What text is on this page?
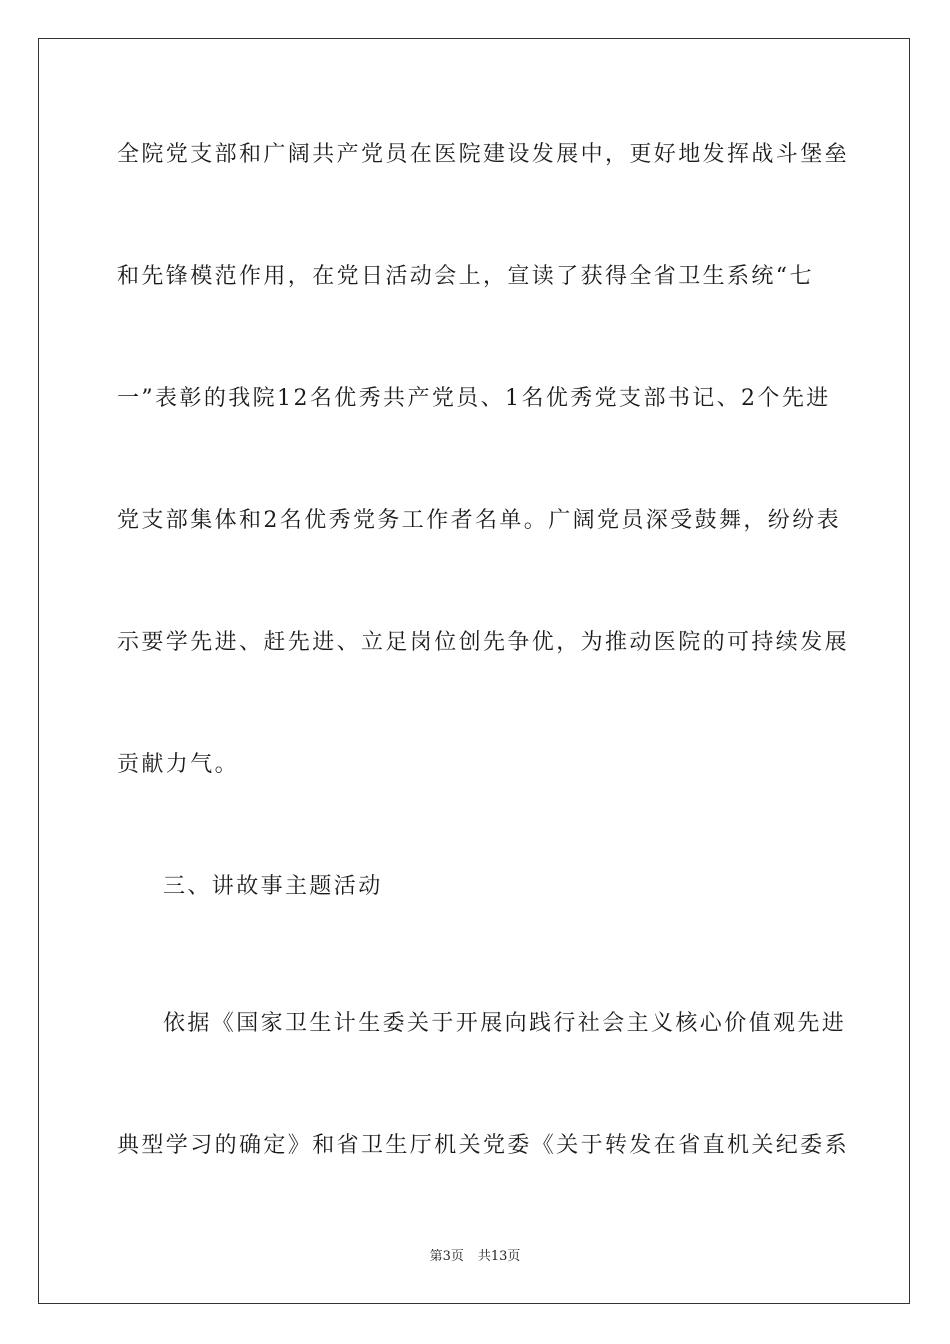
全院党支部和广阔共产党员在医院建设发展中，更好地发挥战斗堡垒
和先锋模范作用，在党日活动会上，宣读了获得全省卫生系统“七
一”表彰的我院12名优秀共产党员、1名优秀党支部书记、2个先进
党支部集体和2名优秀党务工作者名单。广阔党员深受鼓舞，纷纷表
示要学先进、赶先进、立足岗位创先争优，为推动医院的可持续发展
贡献力气。
三、讲故事主题活动
依据《国家卫生计生委关于开展向践行社会主义核心价值观先进
典型学习的确定》和省卫生厅机关党委《关于转发在省直机关纪委系
第3页 共13页
